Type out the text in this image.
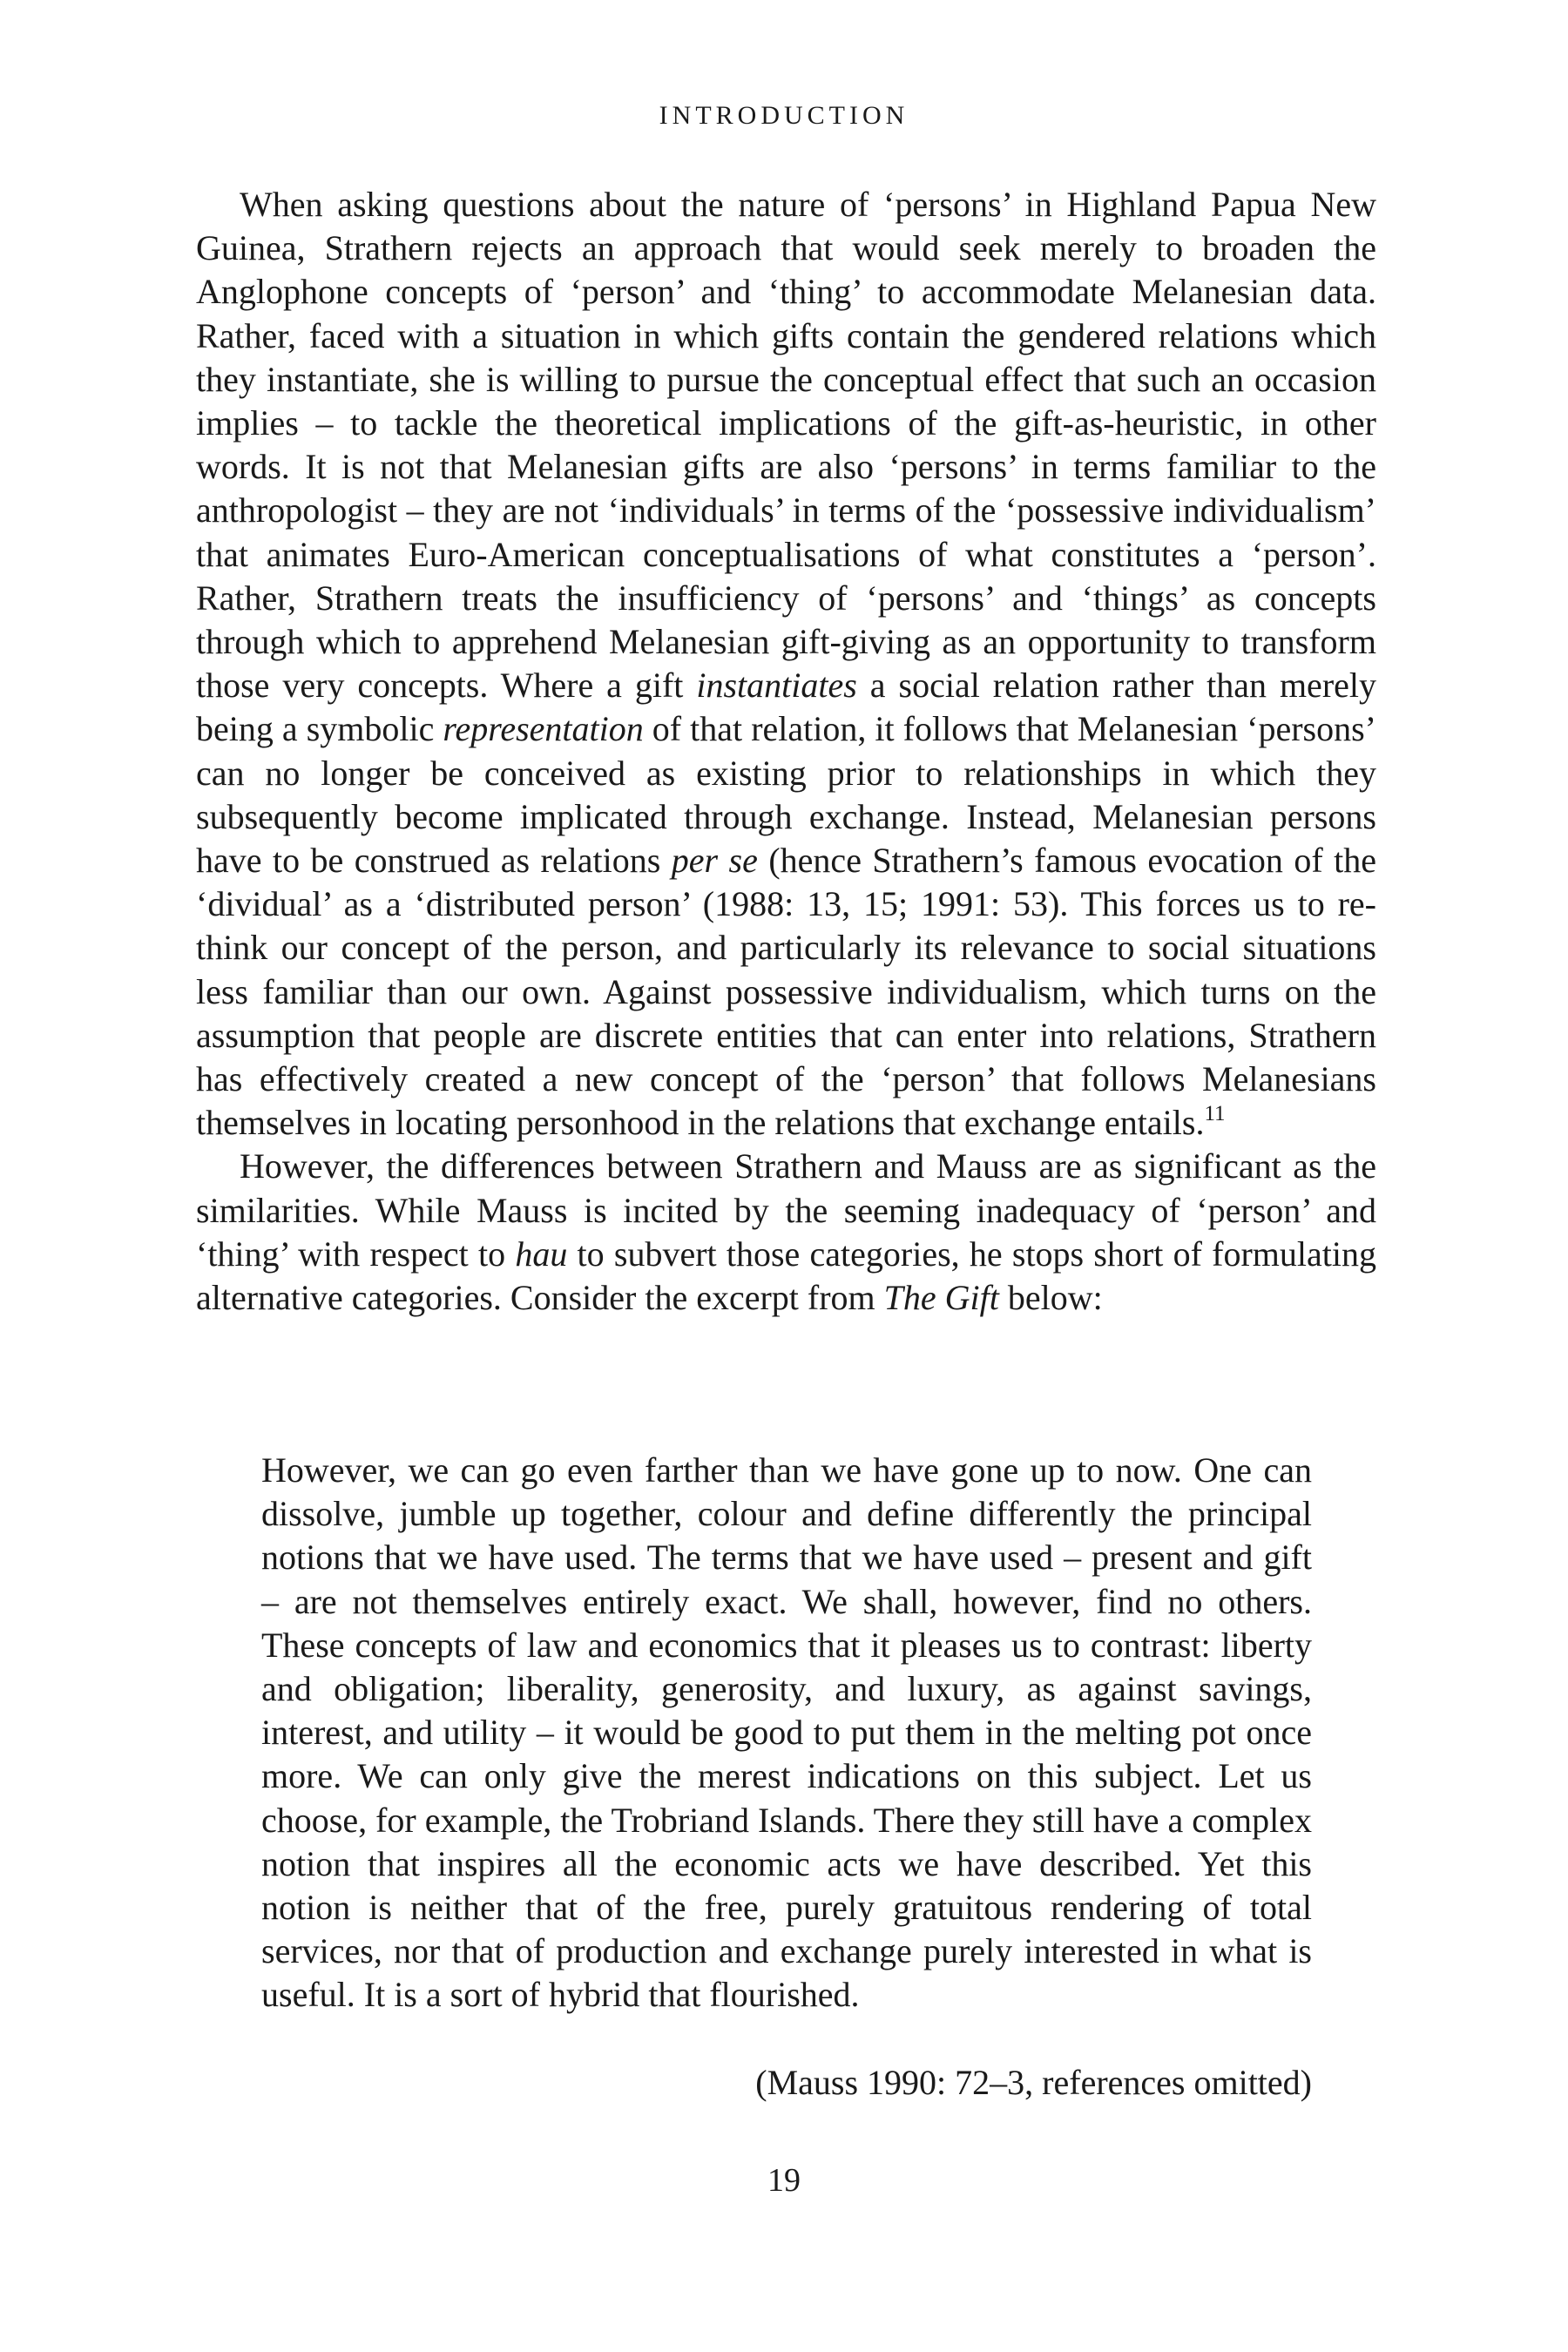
INTRODUCTION

When asking questions about the nature of ‘persons’ in Highland Papua New Guinea, Strathern rejects an approach that would seek merely to broaden the Anglophone concepts of ‘person’ and ‘thing’ to accommodate Melanesian data. Rather, faced with a situation in which gifts contain the gendered relations which they instantiate, she is willing to pursue the conceptual effect that such an occasion implies – to tackle the theoretical implications of the gift-as-heuristic, in other words. It is not that Melanesian gifts are also ‘persons’ in terms familiar to the anthropologist – they are not ‘individuals’ in terms of the ‘possessive individualism’ that animates Euro-American conceptualisations of what constitutes a ‘person’. Rather, Strathern treats the insufficiency of ‘persons’ and ‘things’ as concepts through which to apprehend Melanesian gift-giving as an opportunity to transform those very concepts. Where a gift instantiates a social relation rather than merely being a symbolic representation of that relation, it follows that Melanesian ‘persons’ can no longer be conceived as existing prior to relationships in which they subsequently become implicated through exchange. Instead, Melanesian persons have to be construed as relations per se (hence Strathern’s famous evocation of the ‘dividual’ as a ‘distributed person’ (1988: 13, 15; 1991: 53). This forces us to re-think our concept of the person, and particularly its relevance to social situations less familiar than our own. Against possessive individualism, which turns on the assumption that people are discrete entities that can enter into relations, Strathern has effectively created a new concept of the ‘person’ that follows Melanesians themselves in locating personhood in the relations that exchange entails.$^{11}$

However, the differences between Strathern and Mauss are as significant as the similarities. While Mauss is incited by the seeming inadequacy of ‘person’ and ‘thing’ with respect to hau to subvert those categories, he stops short of formulating alternative categories. Consider the excerpt from The Gift below:

However, we can go even farther than we have gone up to now. One can dissolve, jumble up together, colour and define differently the principal notions that we have used. The terms that we have used – present and gift – are not themselves entirely exact. We shall, however, find no others. These concepts of law and economics that it pleases us to contrast: liberty and obligation; liberality, generosity, and luxury, as against savings, interest, and utility – it would be good to put them in the melting pot once more. We can only give the merest indications on this subject. Let us choose, for example, the Trobriand Islands. There they still have a complex notion that inspires all the economic acts we have described. Yet this notion is neither that of the free, purely gratuitous rendering of total services, nor that of production and exchange purely interested in what is useful. It is a sort of hybrid that flourished.

(Mauss 1990: 72–3, references omitted)
19
